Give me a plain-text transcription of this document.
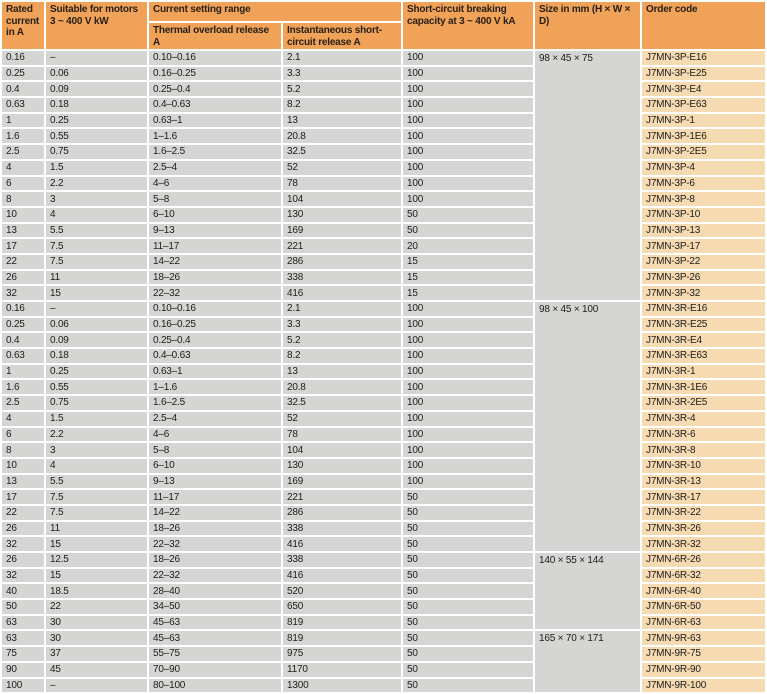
Rated current in A	Suitable for motors 3 ~ 400 V kW	Current setting range		Short-circuit breaking capacity at 3 ~ 400 V kA	Size in mm (H × W × D)	Order code
		Thermal overload release A	Instantaneous short-circuit release A			
0.16	–	0.10–0.16	2.1	100	98 × 45 × 75	J7MN-3P-E16
0.25	0.06	0.16–0.25	3.3	100		J7MN-3P-E25
0.4	0.09	0.25–0.4	5.2	100		J7MN-3P-E4
0.63	0.18	0.4–0.63	8.2	100		J7MN-3P-E63
1	0.25	0.63–1	13	100		J7MN-3P-1
1.6	0.55	1–1.6	20.8	100		J7MN-3P-1E6
2.5	0.75	1.6–2.5	32.5	100		J7MN-3P-2E5
4	1.5	2.5–4	52	100		J7MN-3P-4
6	2.2	4–6	78	100		J7MN-3P-6
8	3	5–8	104	100		J7MN-3P-8
10	4	6–10	130	50		J7MN-3P-10
13	5.5	9–13	169	50		J7MN-3P-13
17	7.5	11–17	221	20		J7MN-3P-17
22	7.5	14–22	286	15		J7MN-3P-22
26	11	18–26	338	15		J7MN-3P-26
32	15	22–32	416	15		J7MN-3P-32
0.16	–	0.10–0.16	2.1	100	98 × 45 × 100	J7MN-3R-E16
0.25	0.06	0.16–0.25	3.3	100		J7MN-3R-E25
0.4	0.09	0.25–0.4	5.2	100		J7MN-3R-E4
0.63	0.18	0.4–0.63	8.2	100		J7MN-3R-E63
1	0.25	0.63–1	13	100		J7MN-3R-1
1.6	0.55	1–1.6	20.8	100		J7MN-3R-1E6
2.5	0.75	1.6–2.5	32.5	100		J7MN-3R-2E5
4	1.5	2.5–4	52	100		J7MN-3R-4
6	2.2	4–6	78	100		J7MN-3R-6
8	3	5–8	104	100		J7MN-3R-8
10	4	6–10	130	100		J7MN-3R-10
13	5.5	9–13	169	100		J7MN-3R-13
17	7.5	11–17	221	50		J7MN-3R-17
22	7.5	14–22	286	50		J7MN-3R-22
26	11	18–26	338	50		J7MN-3R-26
32	15	22–32	416	50		J7MN-3R-32
26	12.5	18–26	338	50	140 × 55 × 144	J7MN-6R-26
32	15	22–32	416	50		J7MN-6R-32
40	18.5	28–40	520	50		J7MN-6R-40
50	22	34–50	650	50		J7MN-6R-50
63	30	45–63	819	50		J7MN-6R-63
63	30	45–63	819	50	165 × 70 × 171	J7MN-9R-63
75	37	55–75	975	50		J7MN-9R-75
90	45	70–90	1170	50		J7MN-9R-90
100	–	80–100	1300	50		J7MN-9R-100
